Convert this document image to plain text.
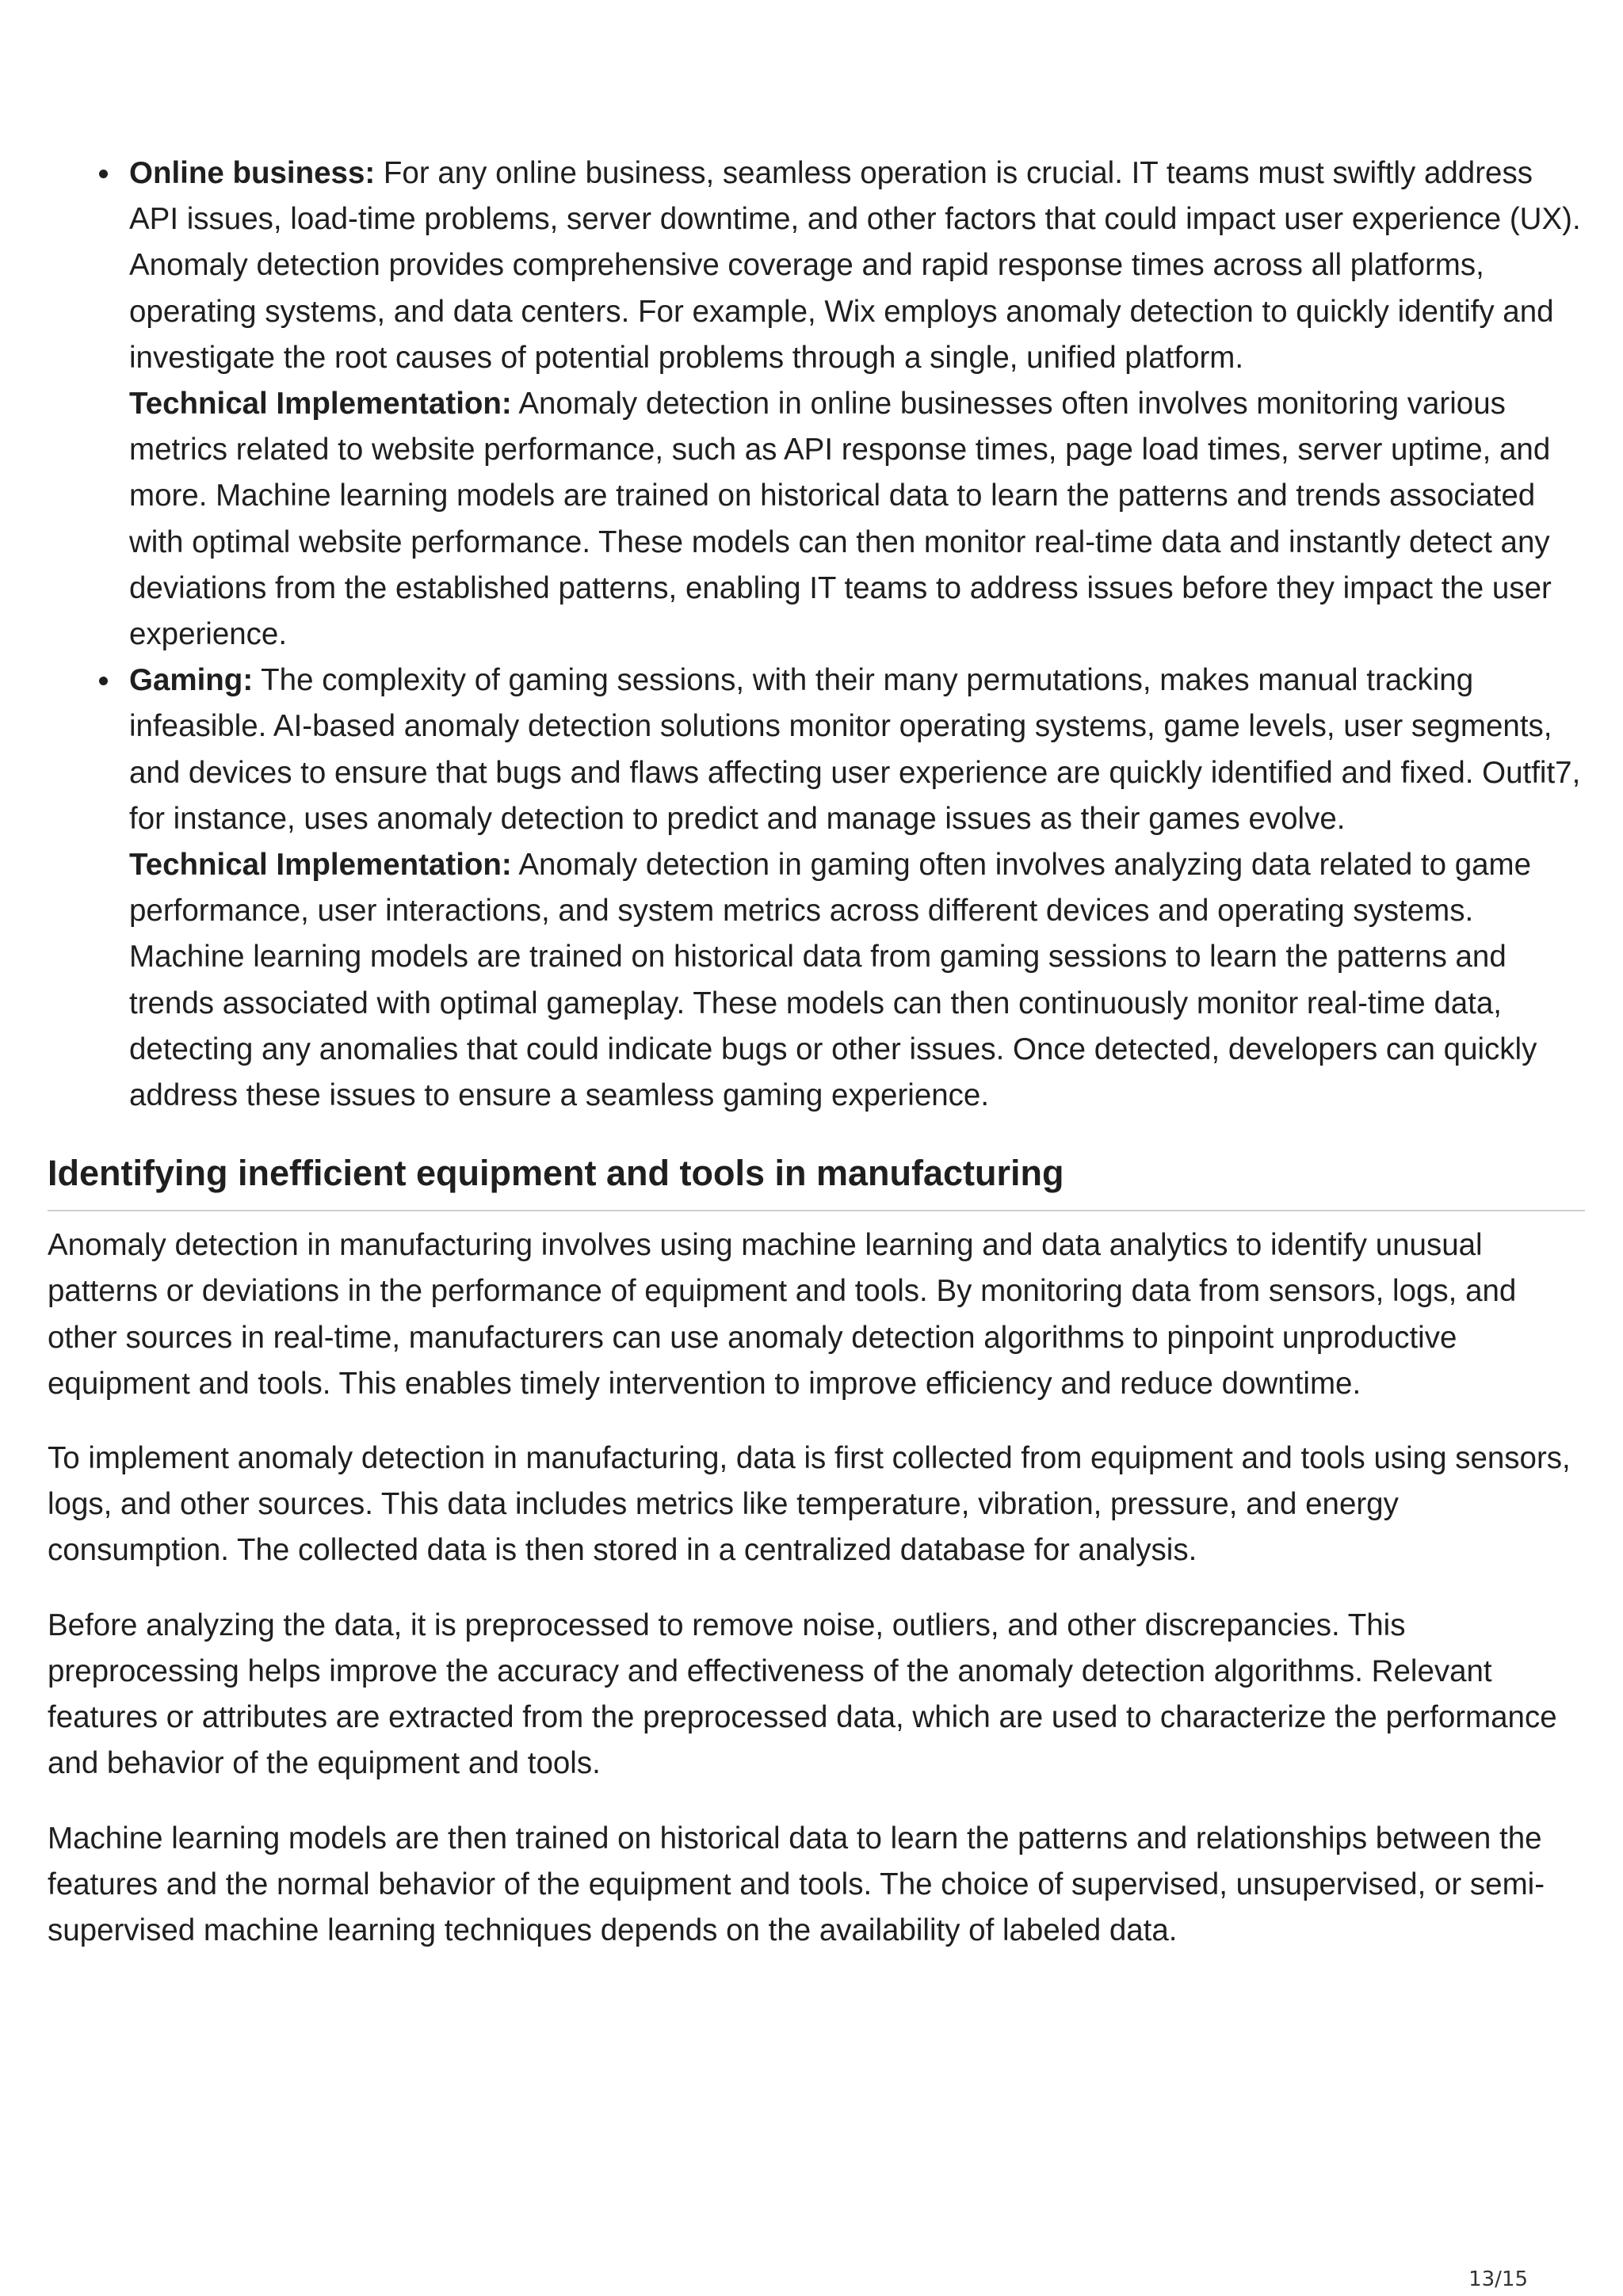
Online business: For any online business, seamless operation is crucial. IT teams must swiftly address API issues, load-time problems, server downtime, and other factors that could impact user experience (UX). Anomaly detection provides comprehensive coverage and rapid response times across all platforms, operating systems, and data centers. For example, Wix employs anomaly detection to quickly identify and investigate the root causes of potential problems through a single, unified platform.

Technical Implementation: Anomaly detection in online businesses often involves monitoring various metrics related to website performance, such as API response times, page load times, server uptime, and more. Machine learning models are trained on historical data to learn the patterns and trends associated with optimal website performance. These models can then monitor real-time data and instantly detect any deviations from the established patterns, enabling IT teams to address issues before they impact the user experience.

Gaming: The complexity of gaming sessions, with their many permutations, makes manual tracking infeasible. AI-based anomaly detection solutions monitor operating systems, game levels, user segments, and devices to ensure that bugs and flaws affecting user experience are quickly identified and fixed. Outfit7, for instance, uses anomaly detection to predict and manage issues as their games evolve.

Technical Implementation: Anomaly detection in gaming often involves analyzing data related to game performance, user interactions, and system metrics across different devices and operating systems. Machine learning models are trained on historical data from gaming sessions to learn the patterns and trends associated with optimal gameplay. These models can then continuously monitor real-time data, detecting any anomalies that could indicate bugs or other issues. Once detected, developers can quickly address these issues to ensure a seamless gaming experience.

Identifying inefficient equipment and tools in manufacturing

Anomaly detection in manufacturing involves using machine learning and data analytics to identify unusual patterns or deviations in the performance of equipment and tools. By monitoring data from sensors, logs, and other sources in real-time, manufacturers can use anomaly detection algorithms to pinpoint unproductive equipment and tools. This enables timely intervention to improve efficiency and reduce downtime.

To implement anomaly detection in manufacturing, data is first collected from equipment and tools using sensors, logs, and other sources. This data includes metrics like temperature, vibration, pressure, and energy consumption. The collected data is then stored in a centralized database for analysis.

Before analyzing the data, it is preprocessed to remove noise, outliers, and other discrepancies. This preprocessing helps improve the accuracy and effectiveness of the anomaly detection algorithms. Relevant features or attributes are extracted from the preprocessed data, which are used to characterize the performance and behavior of the equipment and tools.

Machine learning models are then trained on historical data to learn the patterns and relationships between the features and the normal behavior of the equipment and tools. The choice of supervised, unsupervised, or semi-supervised machine learning techniques depends on the availability of labeled data.

13/15
